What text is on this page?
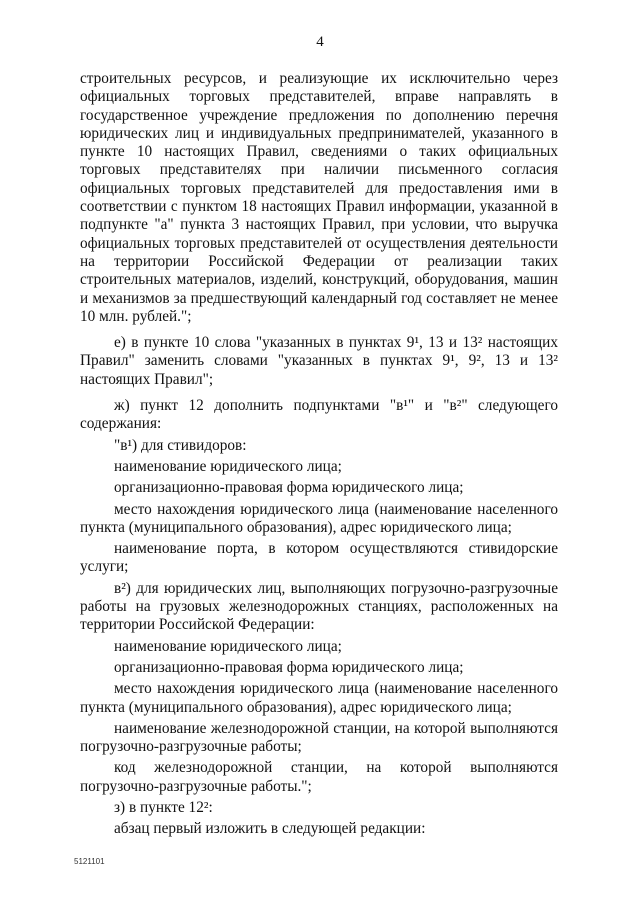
4

строительных ресурсов, и реализующие их исключительно через официальных торговых представителей, вправе направлять в государственное учреждение предложения по дополнению перечня юридических лиц и индивидуальных предпринимателей, указанного в пункте 10 настоящих Правил, сведениями о таких официальных торговых представителях при наличии письменного согласия официальных торговых представителей для предоставления ими в соответствии с пунктом 18 настоящих Правил информации, указанной в подпункте "а" пункта 3 настоящих Правил, при условии, что выручка официальных торговых представителей от осуществления деятельности на территории Российской Федерации от реализации таких строительных материалов, изделий, конструкций, оборудования, машин и механизмов за предшествующий календарный год составляет не менее 10 млн. рублей.";

е) в пункте 10 слова "указанных в пунктах 9¹, 13 и 13² настоящих Правил" заменить словами "указанных в пунктах 9¹, 9², 13 и 13² настоящих Правил";

ж) пункт 12 дополнить подпунктами "в¹" и "в²" следующего содержания:

"в¹) для стивидоров:

наименование юридического лица;

организационно-правовая форма юридического лица;

место нахождения юридического лица (наименование населенного пункта (муниципального образования), адрес юридического лица;

наименование порта, в котором осуществляются стивидорские услуги;

в²) для юридических лиц, выполняющих погрузочно-разгрузочные работы на грузовых железнодорожных станциях, расположенных на территории Российской Федерации:

наименование юридического лица;

организационно-правовая форма юридического лица;

место нахождения юридического лица (наименование населенного пункта (муниципального образования), адрес юридического лица;

наименование железнодорожной станции, на которой выполняются погрузочно-разгрузочные работы;

код железнодорожной станции, на которой выполняются погрузочно-разгрузочные работы.";

з) в пункте 12²:

абзац первый изложить в следующей редакции:

5121101
